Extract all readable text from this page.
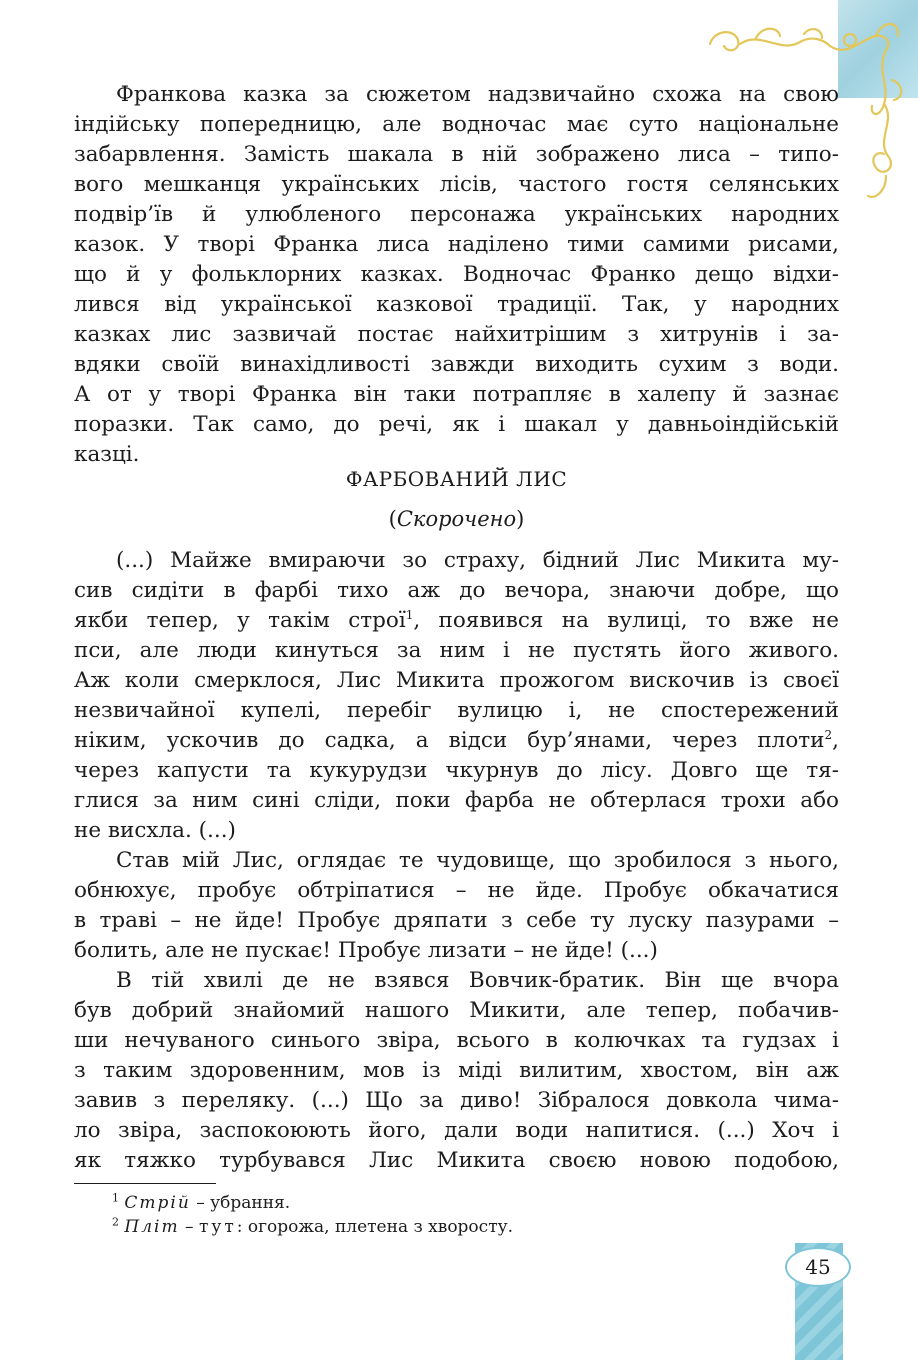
Франкова казка за сюжетом надзвичайно схожа на свою
індійську попередницю, але водночас має суто національне
забарвлення. Замість шакала в ній зображено лиса – типо-
вого мешканця українських лісів, частого гостя селянських
подвір’їв й улюбленого персонажа українських народних
казок. У творі Франка лиса наділено тими самими рисами,
що й у фольклорних казках. Водночас Франко дещо відхи-
лився від української казкової традиції. Так, у народних
казках лис зазвичай постає найхитрішим з хитрунів і за-
вдяки своїй винахідливості завжди виходить сухим з води.
А от у творі Франка він таки потрапляє в халепу й зазнає
поразки. Так само, до речі, як і шакал у давньоіндійській
казці.
ФАРБОВАНИЙ ЛИС
(Скорочено)
(...) Майже вмираючи зо страху, бідний Лис Микита му-
сив сидіти в фарбі тихо аж до вечора, знаючи добре, що
якби тепер, у такім строї$^1$, появився на вулиці, то вже не
пси, але люди кинуться за ним і не пустять його живого.
Аж коли смерклося, Лис Микита прожогом вискочив із своєї
незвичайної купелі, перебіг вулицю і, не спостережений
ніким, ускочив до садка, а відси бур’янами, через плоти$^2$,
через капусти та кукурудзи чкурнув до лісу. Довго ще тя-
глися за ним сині сліди, поки фарба не обтерлася трохи або
не висхла. (...)
Став мій Лис, оглядає те чудовище, що зробилося з нього,
обнюхує, пробує обтріпатися – не йде. Пробує обкачатися
в траві – не йде! Пробує дряпати з себе ту луску пазурами –
болить, але не пускає! Пробує лизати – не йде! (...)
В тій хвилі де не взявся Вовчик-братик. Він ще вчора
був добрий знайомий нашого Микити, але тепер, побачив-
ши нечуваного синього звіра, всього в колючках та гудзах і
з таким здоровенним, мов із міді вилитим, хвостом, він аж
завив з переляку. (...) Що за диво! Зібралося довкола чима-
ло звіра, заспокоюють його, дали води напитися. (...) Хоч і
як тяжко турбувався Лис Микита своєю новою подобою,
$^1$ Стрій – убрання.
$^2$ Пліт – тут: огорожа, плетена з хворосту.
45
